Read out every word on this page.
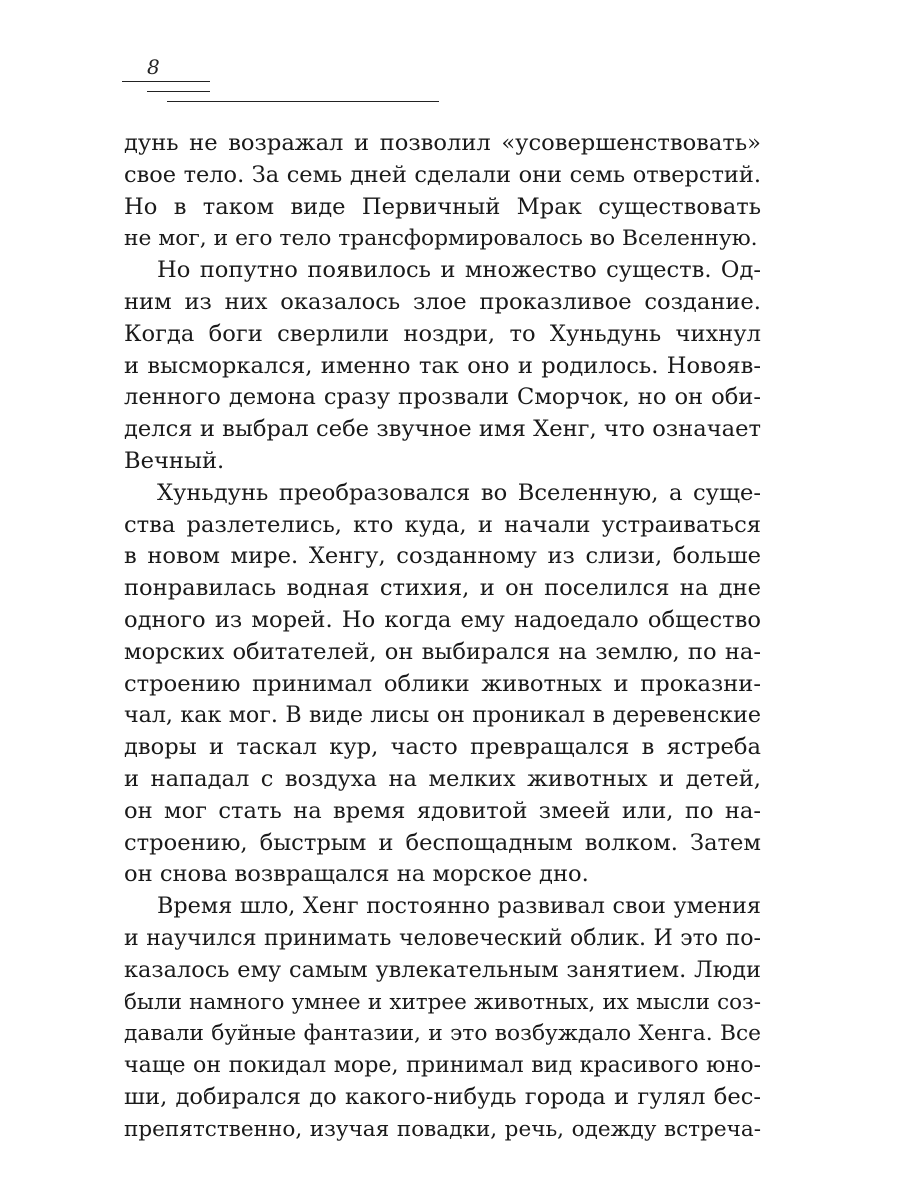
8
дунь не возражал и позволил «усовершенствовать»
свое тело. За семь дней сделали они семь отверстий.
Но в таком виде Первичный Мрак существовать
не мог, и его тело трансформировалось во Вселенную.
Но попутно появилось и множество существ. Од-
ним из них оказалось злое проказливое создание.
Когда боги сверлили ноздри, то Хуньдунь чихнул
и высморкался, именно так оно и родилось. Новояв-
ленного демона сразу прозвали Сморчок, но он оби-
делся и выбрал себе звучное имя Хенг, что означает
Вечный.
Хуньдунь преобразовался во Вселенную, а суще-
ства разлетелись, кто куда, и начали устраиваться
в новом мире. Хенгу, созданному из слизи, больше
понравилась водная стихия, и он поселился на дне
одного из морей. Но когда ему надоедало общество
морских обитателей, он выбирался на землю, по на-
строению принимал облики животных и проказни-
чал, как мог. В виде лисы он проникал в деревенские
дворы и таскал кур, часто превращался в ястреба
и нападал с воздуха на мелких животных и детей,
он мог стать на время ядовитой змеей или, по на-
строению, быстрым и беспощадным волком. Затем
он снова возвращался на морское дно.
Время шло, Хенг постоянно развивал свои умения
и научился принимать человеческий облик. И это по-
казалось ему самым увлекательным занятием. Люди
были намного умнее и хитрее животных, их мысли соз-
давали буйные фантазии, и это возбуждало Хенга. Все
чаще он покидал море, принимал вид красивого юно-
ши, добирался до какого-нибудь города и гулял бес-
препятственно, изучая повадки, речь, одежду встреча-
